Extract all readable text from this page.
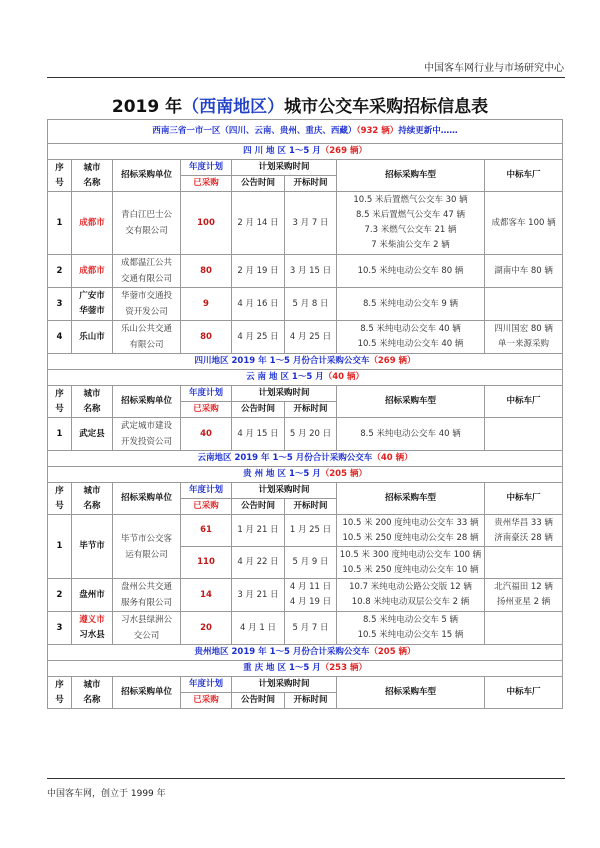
中国客车网行业与市场研究中心
2019 年（西南地区）城市公交车采购招标信息表
西南三省一市一区（四川、云南、贵州、重庆、西藏）（932 辆）持续更新中……							
四 川 地 区 1～5 月（269 辆）							

序
号	城市
名称	招标采购单位	年度计划	计划采购时间		招标采购车型	中标车厂
			已采购	公告时间	开标时间		
1	成都市	青白江巴士公交有限公司	100	2 月 14 日	3 月 7 日	10.5 米后置燃气公交车 30 辆
8.5 米后置燃气公交车 47 辆
7.3 米燃气公交车 21 辆
7 米柴油公交车 2 辆	成都客车 100 辆

2	成都市	成都温江公共交通有限公司	80	2 月 19 日	3 月 15 日	10.5 米纯电动公交车 80 辆	湖南中车 80 辆

3	广安市
华蓥市	华蓥市交通投资开发公司	9	4 月 16 日	5 月 8 日	8.5 米纯电动公交车 9 辆	

4	乐山市	乐山公共交通有限公司	80	4 月 25 日	4 月 25 日	8.5 米纯电动公交车 40 辆
10.5 米纯电动公交车 40 辆	四川国宏 80 辆
单一来源采购

四川地区 2019 年 1～5 月份合计采购公交车（269 辆）							
云 南 地 区 1～5 月（40 辆）							

序
号	城市
名称	招标采购单位	年度计划	计划采购时间		招标采购车型	中标车厂
			已采购	公告时间	开标时间		
1	武定县	武定城市建设开发投资公司	40	4 月 15 日	5 月 20 日	8.5 米纯电动公交车 40 辆	

云南地区 2019 年 1～5 月份合计采购公交车（40 辆）							
贵 州 地 区 1～5 月（205 辆）							

序
号	城市
名称	招标采购单位	年度计划	计划采购时间		招标采购车型	中标车厂
			已采购	公告时间	开标时间		
1	毕节市	毕节市公交客运有限公司	61	1 月 21 日	1 月 25 日	10.5 米 200 度纯电动公交车 33 辆
10.5 米 250 度纯电动公交车 28 辆	贵州华昌 33 辆
济南豪沃 28 辆

			110	4 月 22 日	5 月 9 日	10.5 米 300 度纯电动公交车 100 辆
10.5 米 250 度纯电动公交车 10 辆	

2	盘州市	盘州公共交通服务有限公司	14	3 月 21 日	4 月 11 日
4 月 19 日	10.7 米纯电动公路公交版 12 辆
10.8 米纯电动双层公交车 2 辆	北汽福田 12 辆
扬州亚星 2 辆

3	遵义市
习水县	习水县绿洲公交公司	20	4 月 1 日	5 月 7 日	8.5 米纯电动公交车 5 辆
10.5 米纯电动公交车 15 辆	

贵州地区 2019 年 1～5 月份合计采购公交车（205 辆）							
重 庆 地 区 1～5 月（253 辆）							

序
号	城市
名称	招标采购单位	年度计划	计划采购时间		招标采购车型	中标车厂
			已采购	公告时间	开标时间		
中国客车网，创立于 1999 年
